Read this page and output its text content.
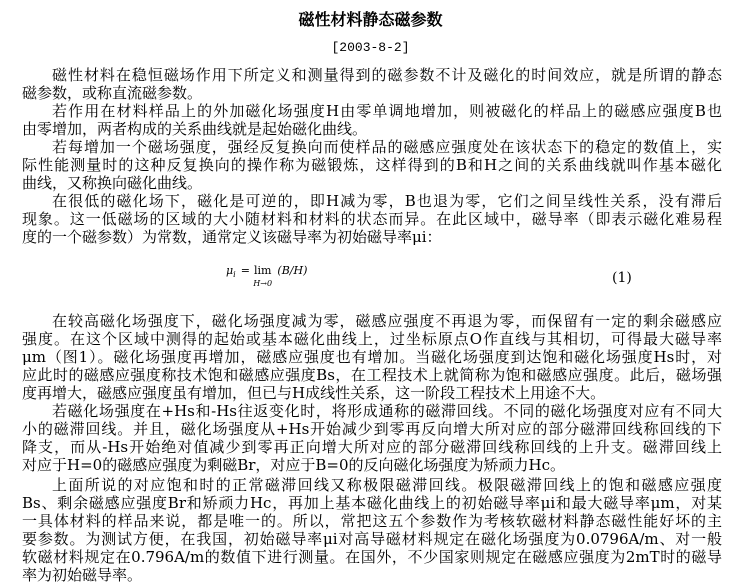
磁性材料静态磁参数
[2003-8-2]
磁性材料在稳恒磁场作用下所定义和测量得到的磁参数不计及磁化的时间效应，就是所谓的静态
磁参数，或称直流磁参数。
若作用在材料样品上的外加磁化场强度H由零单调地增加，则被磁化的样品上的磁感应强度B也
由零增加，两者构成的关系曲线就是起始磁化曲线。
若每增加一个磁场强度，强经反复换向而使样品的磁感应强度处在该状态下的稳定的数值上，实
际性能测量时的这种反复换向的操作称为磁锻炼，这样得到的B和H之间的关系曲线就叫作基本磁化
曲线，又称换向磁化曲线。
在很低的磁化场下，磁化是可逆的，即H减为零，B也退为零，它们之间呈线性关系，没有滞后
现象。这一低磁场的区域的大小随材料和材料的状态而异。在此区域中，磁导率（即表示磁化难易程
度的一个磁参数）为常数，通常定义该磁导率为初始磁导率μi：
$\mu_i = \lim$
H→0
(B/H)	(1)
在较高磁化场强度下，磁化场强度减为零，磁感应强度不再退为零，而保留有一定的剩余磁感应
强度。在这个区域中测得的起始或基本磁化曲线上，过坐标原点O作直线与其相切，可得最大磁导率
μm（图1）。磁化场强度再增加，磁感应强度也有增加。当磁化场强度到达饱和磁化场强度Hs时，对
应此时的磁感应强度称技术饱和磁感应强度Bs，在工程技术上就简称为饱和磁感应强度。此后，磁场强
度再增大，磁感应强度虽有增加，但已与H成线性关系，这一阶段工程技术上用途不大。
若磁化场强度在+Hs和-Hs往返变化时，将形成通称的磁滞回线。不同的磁化场强度对应有不同大
小的磁滞回线。并且，磁化场强度从+Hs开始减少到零再反向增大所对应的部分磁滞回线称回线的下
降支，而从-Hs开始绝对值减少到零再正向增大所对应的部分磁滞回线称回线的上升支。磁滞回线上
对应于H=0的磁感应强度为剩磁Br，对应于B=0的反向磁化场强度为矫顽力Hc。
上面所说的对应饱和时的正常磁滞回线又称极限磁滞回线。极限磁滞回线上的饱和磁感应强度
Bs、剩余磁感应强度Br和矫顽力Hc，再加上基本磁化曲线上的初始磁导率μi和最大磁导率μm，对某
一具体材料的样品来说，都是唯一的。所以，常把这五个参数作为考核软磁材料静态磁性能好坏的主
要参数。为测试方便，在我国，初始磁导率μi对高导磁材料规定在磁化场强度为0.0796A/m、对一般
软磁材料规定在0.796A/m的数值下进行测量。在国外，不少国家则规定在磁感应强度为2mT时的磁导
率为初始磁导率。
